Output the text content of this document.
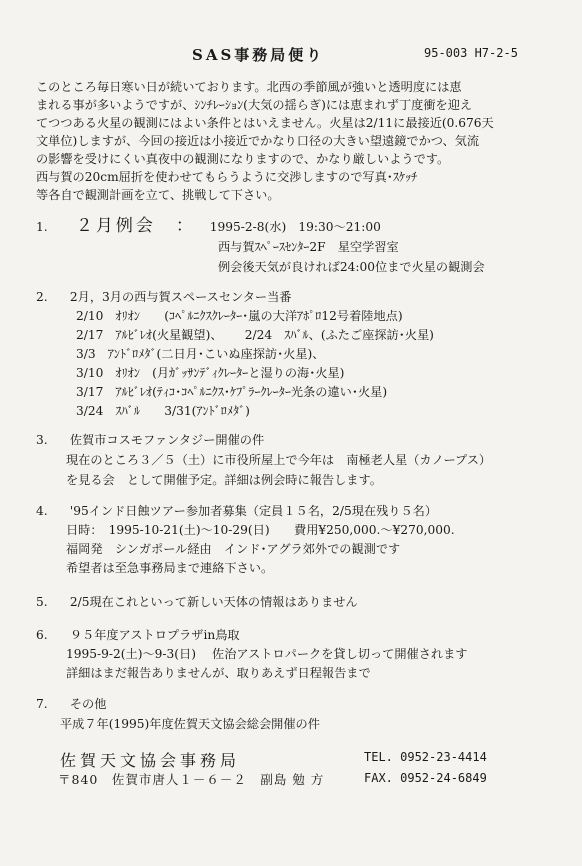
SAS事務局便り	95-003 H7-2-5
このところ毎日寒い日が続いております。北西の季節風が強いと透明度には恵
まれる事が多いようですが、ｼﾝﾁﾚｰｼｮﾝ(大気の揺らぎ)には恵まれず丁度衝を迎え
てつつある火星の観測にはよい条件とはいえません。火星は2/11に最接近(0.676天
文単位)しますが、今回の接近は小接近でかなり口径の大きい望遠鏡でかつ、気流
の影響を受けにくい真夜中の観測になりますので、かなり厳しいようです。
西与賀の20cm屈折を使わせてもらうように交渉しますので写真･ｽｹｯﾁ
等各自で観測計画を立て、挑戦して下さい。
1. ２月例会　： 1995-2-8(水)　19:30～21:00
西与賀ｽﾍﾟｰｽｾﾝﾀｰ2F　星空学習室
例会後天気が良ければ24:00位まで火星の観測会
2. 2月，3月の西与賀スペースセンター当番
2/10　ｵﾘｵﾝ　　(ｺﾍﾟﾙﾆｸｽｸﾚｰﾀｰ･嵐の大洋ｱﾎﾟﾛ12号着陸地点)
2/17　ｱﾙﾋﾞﾚｵ(火星観望)、　　 2/24　ｽﾊﾞﾙ、(ふたご座探訪･火星)
3/3　ｱﾝﾄﾞﾛﾒﾀﾞ(二日月･こいぬ座探訪･火星)、
3/10　ｵﾘｵﾝ　(月ｶﾞｯｻﾝﾃﾞｨｸﾚｰﾀｰと湿りの海･火星)
3/17　ｱﾙﾋﾞﾚｵ(ﾃｨｺ･ｺﾍﾟﾙﾆｸｽ･ｹﾌﾟﾗｰｸﾚｰﾀｰ光条の違い･火星)
3/24　ｽﾊﾞﾙ　　3/31(ｱﾝﾄﾞﾛﾒﾀﾞ)
3. 佐賀市コスモファンタジー開催の件
現在のところ３／５（土）に市役所屋上で今年は　南極老人星（カノープス）
を見る会　として開催予定。詳細は例会時に報告します。
4. '95インド日蝕ツアー参加者募集（定員１５名，2/5現在残り５名）
日時：　1995-10-21(土)～10-29(日)　　費用¥250,000.～¥270,000.
福岡発　シンガポール経由　インド･アグラ郊外での観測です
希望者は至急事務局まで連絡下さい。
5. 2/5現在これといって新しい天体の情報はありません
6. ９５年度アストロプラザin鳥取
1995-9-2(土)～9-3(日)　 佐治アストロパークを貸し切って開催されます
詳細はまだ報告ありませんが、取りあえず日程報告まで
7. その他
平成７年(1995)年度佐賀天文協会総会開催の件
佐賀天文協会事務局
〒840　佐賀市唐人１－６－２　副島 勉 方
TEL. 0952-23-4414
FAX. 0952-24-6849
